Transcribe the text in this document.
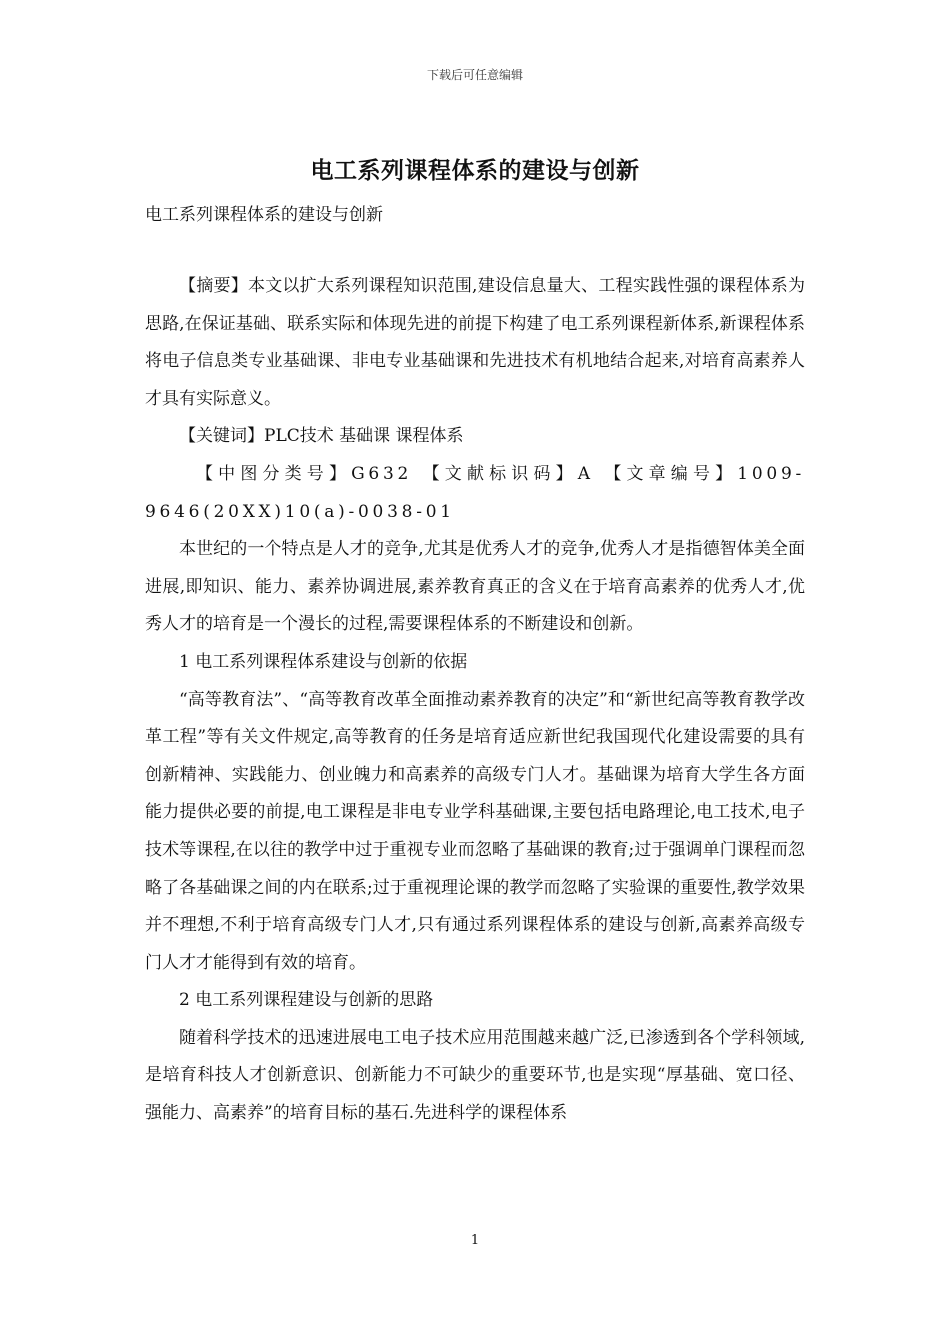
下载后可任意编辑
电工系列课程体系的建设与创新
电工系列课程体系的建设与创新

【摘要】本文以扩大系列课程知识范围,建设信息量大、工程实践性强的课程体系为思路,在保证基础、联系实际和体现先进的前提下构建了电工系列课程新体系,新课程体系将电子信息类专业基础课、非电专业基础课和先进技术有机地结合起来,对培育高素养人才具有实际意义。

【关键词】PLC技术 基础课 课程体系

【中图分类号】G632 【文献标识码】A 【文章编号】1009-9646(20XX)10(a)-0038-01

本世纪的一个特点是人才的竞争,尤其是优秀人才的竞争,优秀人才是指德智体美全面进展,即知识、能力、素养协调进展,素养教育真正的含义在于培育高素养的优秀人才,优秀人才的培育是一个漫长的过程,需要课程体系的不断建设和创新。

1 电工系列课程体系建设与创新的依据

“高等教育法”、“高等教育改革全面推动素养教育的决定”和“新世纪高等教育教学改革工程”等有关文件规定,高等教育的任务是培育适应新世纪我国现代化建设需要的具有创新精神、实践能力、创业魄力和高素养的高级专门人才。基础课为培育大学生各方面能力提供必要的前提,电工课程是非电专业学科基础课,主要包括电路理论,电工技术,电子技术等课程,在以往的教学中过于重视专业而忽略了基础课的教育;过于强调单门课程而忽略了各基础课之间的内在联系;过于重视理论课的教学而忽略了实验课的重要性,教学效果并不理想,不利于培育高级专门人才,只有通过系列课程体系的建设与创新,高素养高级专门人才才能得到有效的培育。

2 电工系列课程建设与创新的思路

随着科学技术的迅速进展电工电子技术应用范围越来越广泛,已渗透到各个学科领域,是培育科技人才创新意识、创新能力不可缺少的重要环节,也是实现“厚基础、宽口径、强能力、高素养”的培育目标的基石.先进科学的课程体系

1
